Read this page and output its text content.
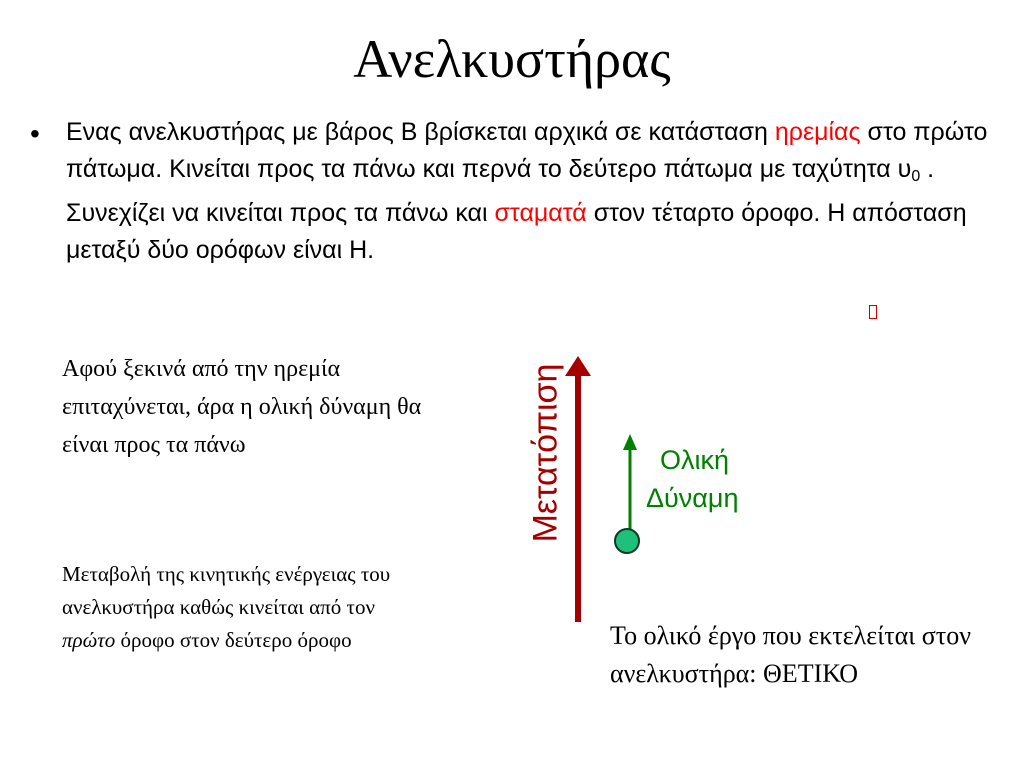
Ανελκυστήρας
• Ενας ανελκυστήρας με βάρος Β βρίσκεται αρχικά σε κατάσταση ηρεμίας στο πρώτο πάτωμα. Κινείται προς τα πάνω και περνά το δεύτερο πάτωμα με ταχύτητα $\upsilon_0$ . Συνεχίζει να κινείται προς τα πάνω και σταματά στον τέταρτο όροφο. Η απόσταση μεταξύ δύο ορόφων είναι Η.
Αφού ξεκινά από την ηρεμία επιταχύνεται, άρα η ολική δύναμη θα είναι προς τα πάνω
Μεταβολή της κινητικής ενέργειας του ανελκυστήρα καθώς κινείται από τον πρώτο όροφο στον δεύτερο όροφο
Μετατόπιση	Ολική
Δύναμη
Το ολικό έργο που εκτελείται στον ανελκυστήρα: ΘΕΤΙΚΟ
